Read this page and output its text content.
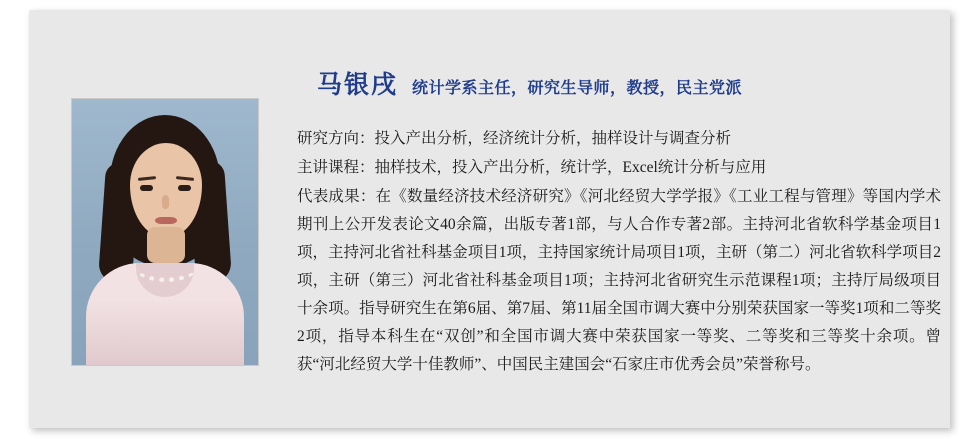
马银戌 统计学系主任，研究生导师，教授，民主党派
研究方向：投入产出分析，经济统计分析，抽样设计与调查分析
主讲课程：抽样技术，投入产出分析，统计学，Excel统计分析与应用
代表成果：在《数量经济技术经济研究》《河北经贸大学学报》《工业工程与管理》等国内学术期刊上公开发表论文40余篇，出版专著1部，与人合作专著2部。主持河北省软科学基金项目1项，主持河北省社科基金项目1项，主持国家统计局项目1项，主研（第二）河北省软科学项目2项，主研（第三）河北省社科基金项目1项；主持河北省研究生示范课程1项；主持厅局级项目十余项。指导研究生在第6届、第7届、第11届全国市调大赛中分别荣获国家一等奖1项和二等奖2项，指导本科生在“双创”和全国市调大赛中荣获国家一等奖、二等奖和三等奖十余项。曾获“河北经贸大学十佳教师”、中国民主建国会“石家庄市优秀会员”荣誉称号。
